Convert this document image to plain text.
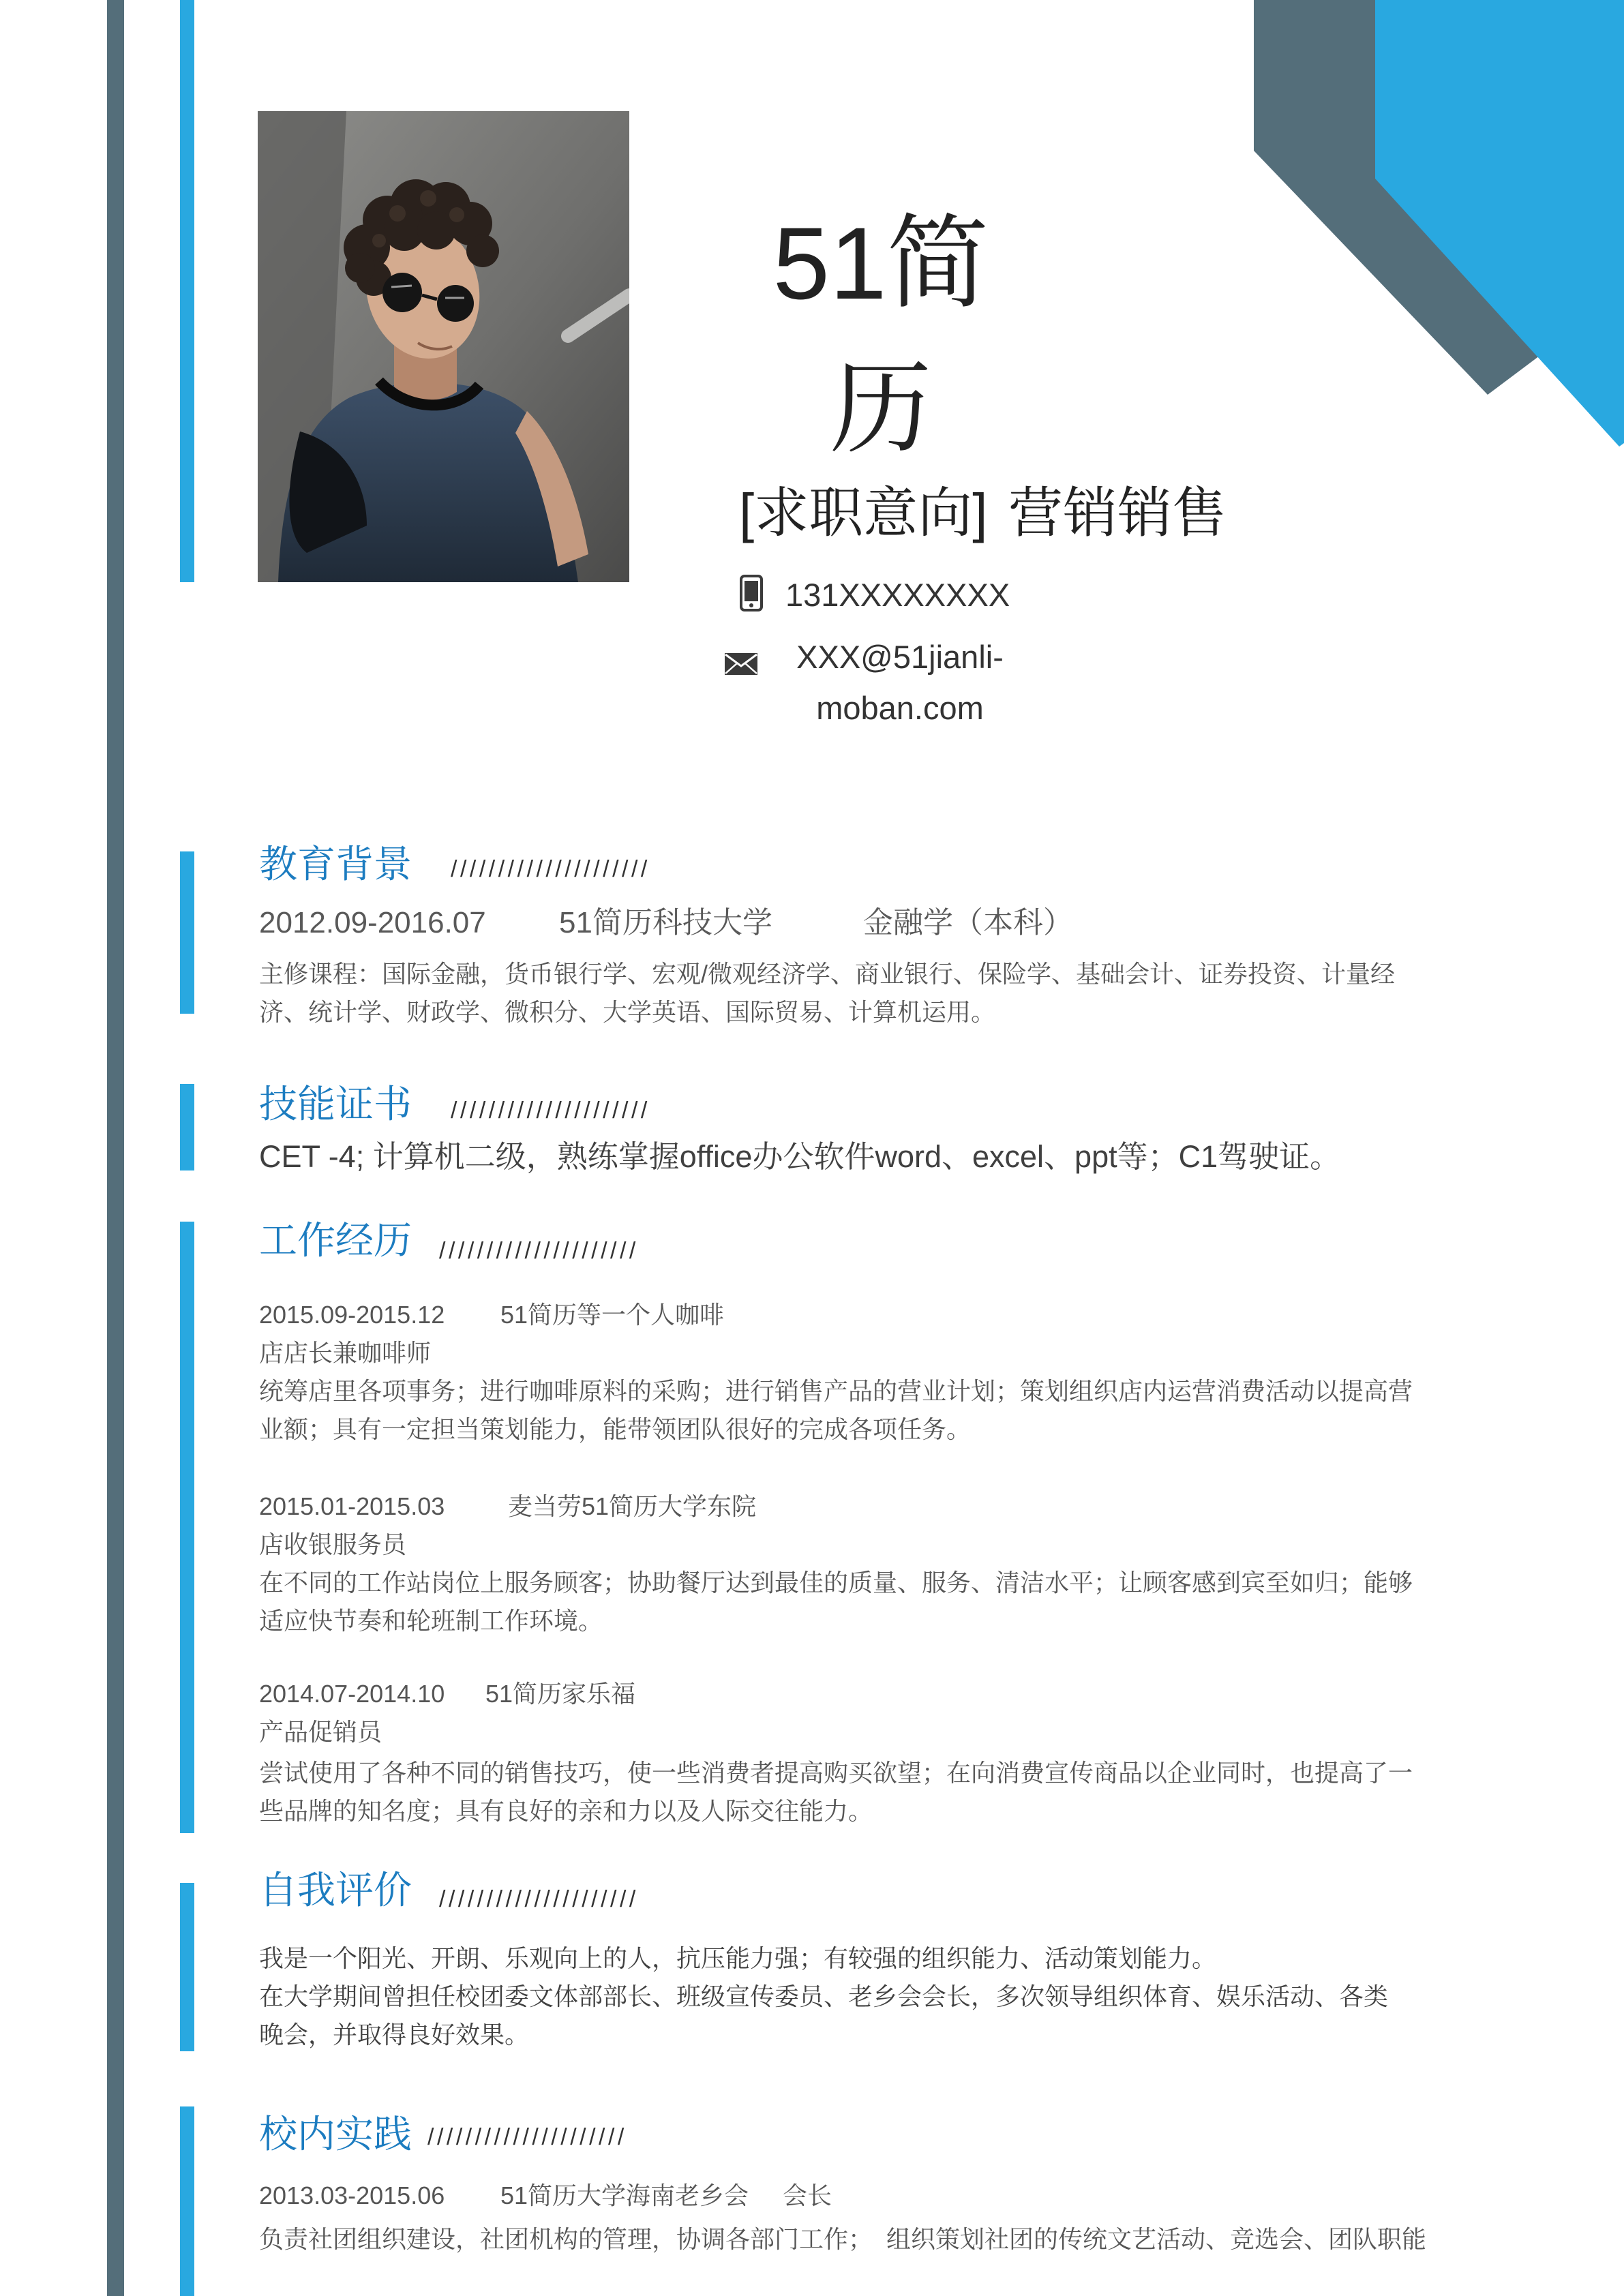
51简历
[求职意向] 营销销售
131XXXXXXXX
XXX@51jianli-moban.com
教育背景 /////////////////////
2012.09-2016.07 51简历科技大学	金融学（本科）
主修课程：国际金融，货币银行学、宏观/微观经济学、商业银行、保险学、基础会计、证券投资、计量经济、统计学、财政学、微积分、大学英语、国际贸易、计算机运用。
技能证书 /////////////////////
CET -4; 计算机二级，熟练掌握office办公软件word、excel、ppt等；C1驾驶证。
工作经历 /////////////////////
2015.09-2015.12 51简历等一个人咖啡
店店长兼咖啡师
统筹店里各项事务；进行咖啡原料的采购；进行销售产品的营业计划；策划组织店内运营消费活动以提高营业额；具有一定担当策划能力，能带领团队很好的完成各项任务。
2015.01-2015.03	麦当劳51简历大学东院
店收银服务员
在不同的工作站岗位上服务顾客；协助餐厅达到最佳的质量、服务、清洁水平；让顾客感到宾至如归；能够适应快节奏和轮班制工作环境。
2014.07-2014.10 51简历家乐福
产品促销员
尝试使用了各种不同的销售技巧，使一些消费者提高购买欲望；在向消费宣传商品以企业同时，也提高了一些品牌的知名度；具有良好的亲和力以及人际交往能力。
自我评价 /////////////////////

我是一个阳光、开朗、乐观向上的人，抗压能力强；有较强的组织能力、活动策划能力。

在大学期间曾担任校团委文体部部长、班级宣传委员、老乡会会长，多次领导组织体育、娱乐活动、各类晚会，并取得良好效果。

校内实践 /////////////////////
2013.03-2015.06 51简历大学海南老乡会 会长
负责社团组织建设，社团机构的管理，协调各部门工作；  组织策划社团的传统文艺活动、竞选会、团队职能
